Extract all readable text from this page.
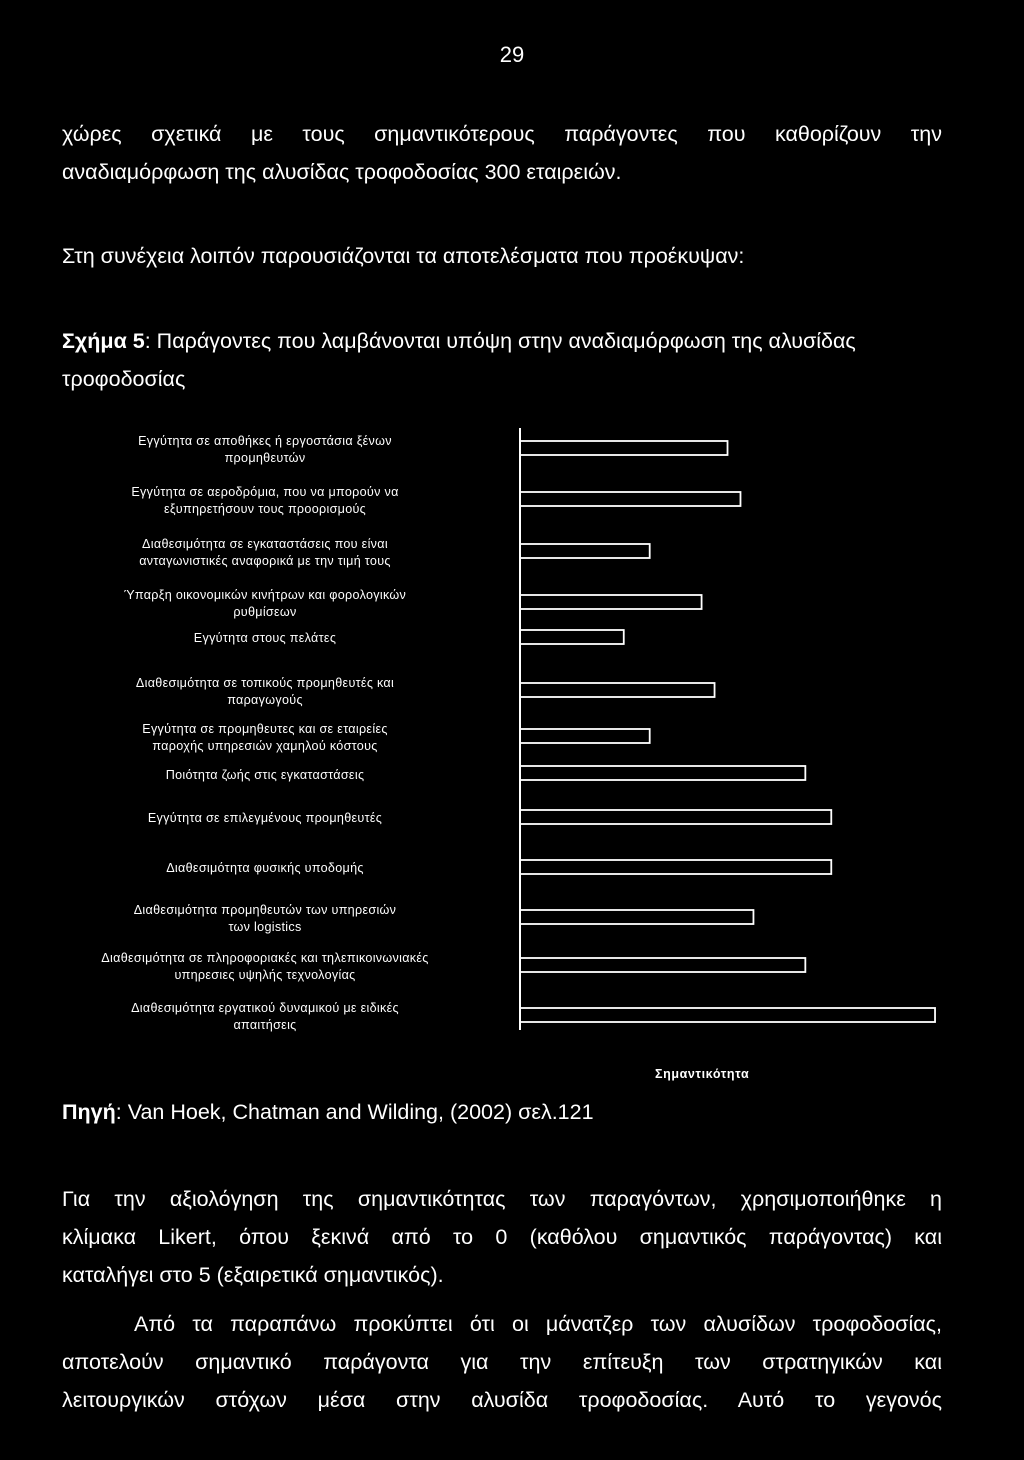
29
χώρες σχετικά με τους σημαντικότερους παράγοντες που καθορίζουν την
αναδιαμόρφωση της αλυσίδας τροφοδοσίας 300 εταιρειών.
Στη συνέχεια λοιπόν παρουσιάζονται τα αποτελέσματα που προέκυψαν:
Σχήμα 5: Παράγοντες που λαμβάνονται υπόψη στην αναδιαμόρφωση της αλυσίδας
τροφοδοσίας
Εγγύτητα σε αποθήκες ή εργοστάσια ξένων
προμηθευτών
Εγγύτητα σε αεροδρόμια, που να μπορούν να
εξυπηρετήσουν τους προορισμούς
Διαθεσιμότητα σε εγκαταστάσεις που είναι
ανταγωνιστικές αναφορικά με την τιμή τους
Ύπαρξη οικονομικών κινήτρων και φορολογικών
ρυθμίσεων
Εγγύτητα στους πελάτες
Διαθεσιμότητα σε τοπικούς προμηθευτές και
παραγωγούς
Εγγύτητα σε προμηθευτες και σε εταιρείες
παροχής υπηρεσιών χαμηλού κόστους
Ποιότητα ζωής στις εγκαταστάσεις
Εγγύτητα σε επιλεγμένους προμηθευτές
Διαθεσιμότητα φυσικής υποδομής
Διαθεσιμότητα προμηθευτών των υπηρεσιών
των logistics
Διαθεσιμότητα σε πληροφοριακές και τηλεπικοινωνιακές
υπηρεσιες υψηλής τεχνολογίας
Διαθεσιμότητα εργατικού δυναμικού με ειδικές
απαιτήσεις
Σημαντικότητα
Πηγή: Van Hoek, Chatman and Wilding, (2002) σελ.121
Για την αξιολόγηση της σημαντικότητας των παραγόντων, χρησιμοποιήθηκε η
κλίμακα Likert, όπου ξεκινά από το 0 (καθόλου σημαντικός παράγοντας) και
καταλήγει στο 5 (εξαιρετικά σημαντικός).
Από τα παραπάνω προκύπτει ότι οι μάνατζερ των αλυσίδων τροφοδοσίας,
αποτελούν σημαντικό παράγοντα για την επίτευξη των στρατηγικών και
λειτουργικών στόχων μέσα στην αλυσίδα τροφοδοσίας. Αυτό το γεγονός
